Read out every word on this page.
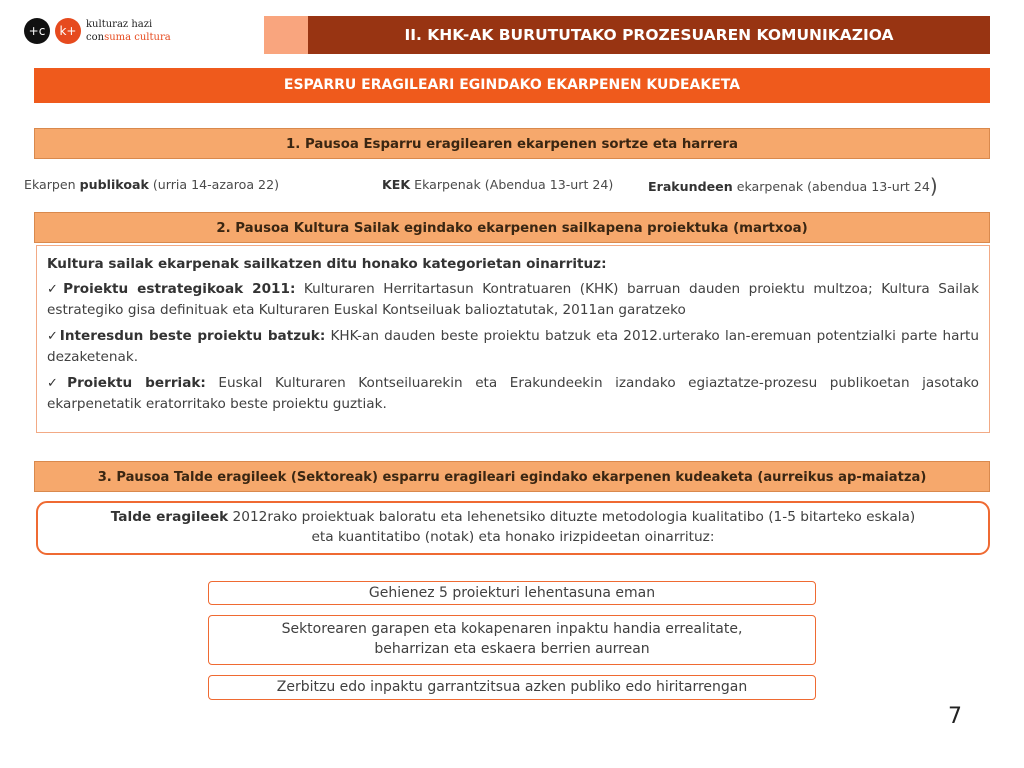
+c	k+ kulturaz hazi
consuma cultura	II. KHK-AK BURUTUTAKO PROZESUAREN KOMUNIKAZIOA
ESPARRU ERAGILEARI EGINDAKO EKARPENEN KUDEAKETA
1. Pausoa Esparru eragilearen ekarpenen sortze eta harrera
Ekarpen publikoak (urria 14-azaroa 22)	KEK Ekarpenak (Abendua 13-urt 24)	Erakundeen ekarpenak (abendua 13-urt 24)
2. Pausoa Kultura Sailak egindako ekarpenen sailkapena proiektuka (martxoa)
Kultura sailak ekarpenak sailkatzen ditu honako kategorietan oinarrituz:
✓Proiektu estrategikoak 2011: Kulturaren Herritartasun Kontratuaren (KHK) barruan dauden proiektu multzoa; Kultura Sailak estrategiko gisa definituak eta Kulturaren Euskal Kontseiluak balioztatutak, 2011an garatzeko
✓Interesdun beste proiektu batzuk: KHK-an dauden beste proiektu batzuk eta 2012.urterako lan-eremuan potentzialki parte hartu dezaketenak.
✓Proiektu berriak: Euskal Kulturaren Kontseiluarekin eta Erakundeekin izandako egiaztatze-prozesu publikoetan jasotako ekarpenetatik eratorritako beste proiektu guztiak.
3. Pausoa Talde eragileek (Sektoreak) esparru eragileari egindako ekarpenen kudeaketa (aurreikus ap-maiatza)
Talde eragileek 2012rako proiektuak baloratu eta lehenetsiko dituzte metodologia kualitatibo (1-5 bitarteko eskala)
eta kuantitatibo (notak) eta honako irizpideetan oinarrituz:
Gehienez 5 proiekturi lehentasuna eman
Sektorearen garapen eta kokapenaren inpaktu handia errealitate,
beharrizan eta eskaera berrien aurrean
Zerbitzu edo inpaktu garrantzitsua azken publiko edo hiritarrengan
7
